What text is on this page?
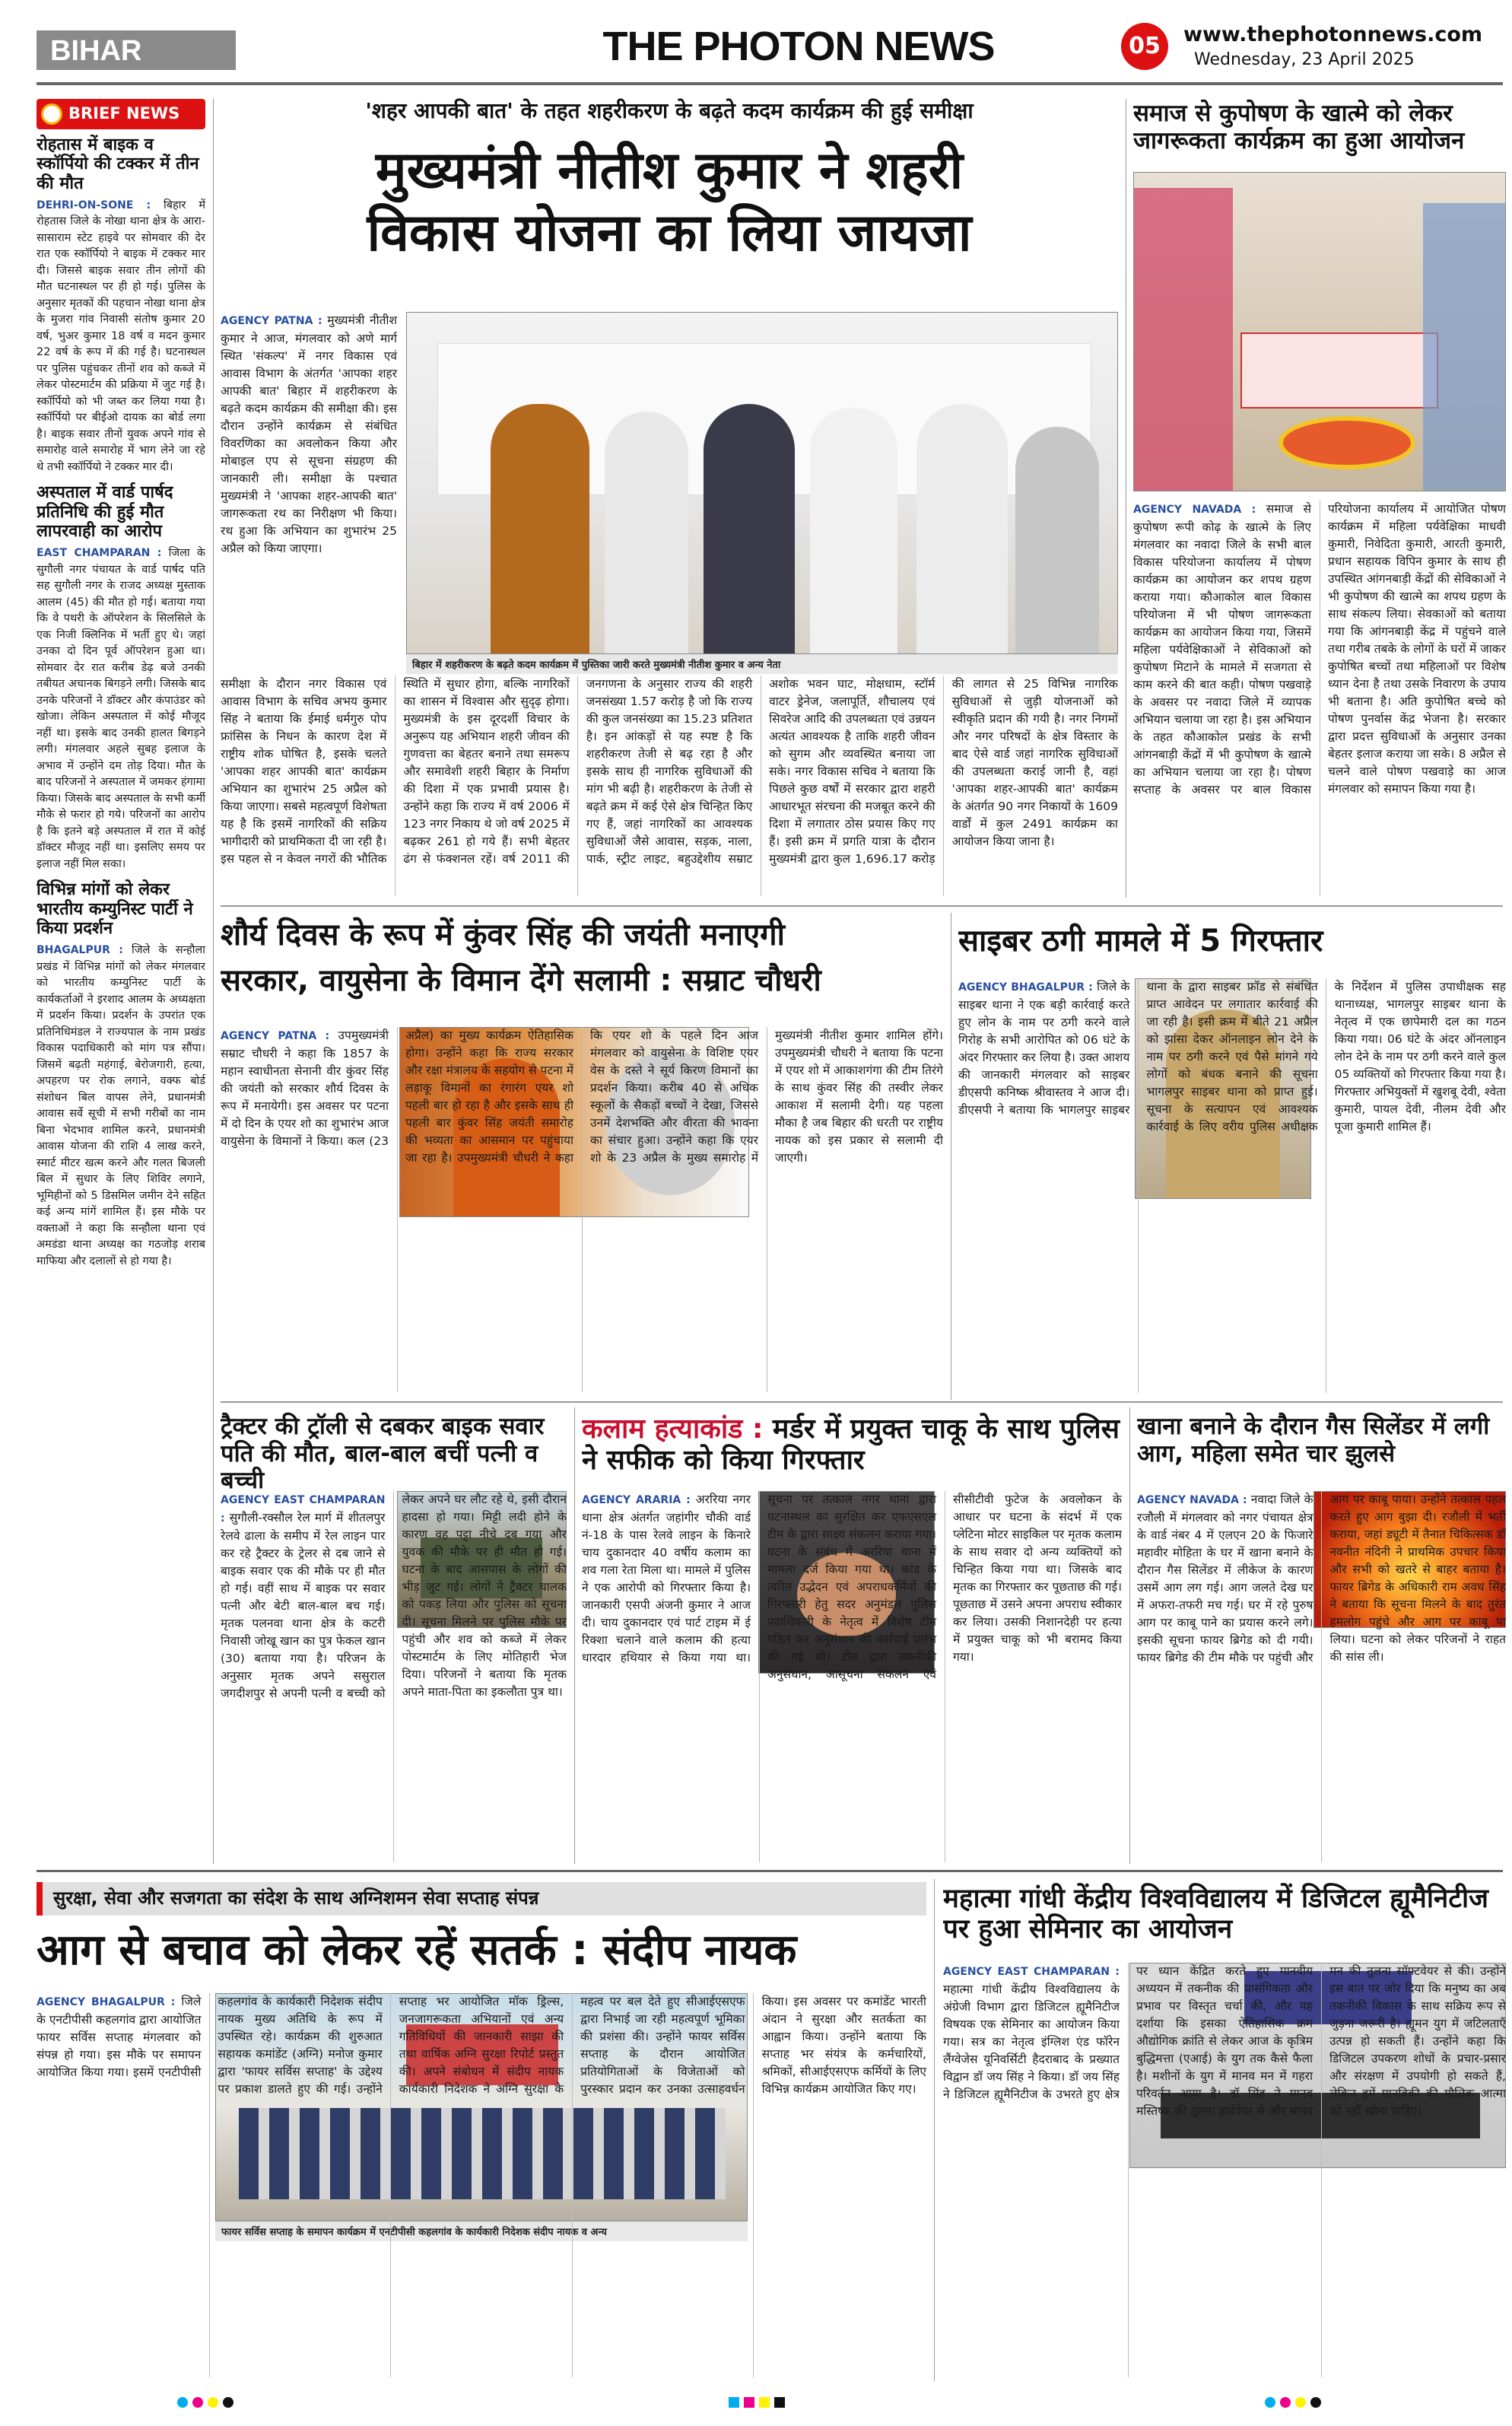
BIHAR	THE PHOTON NEWS	05	www.thephotonnews.com
Wednesday, 23 April 2025
BRIEF NEWS
रोहतास में बाइक व स्कॉर्पियो की टक्कर में तीन की मौत
DEHRI-ON-SONE : बिहार में रोहतास जिले के नोखा थाना क्षेत्र के आरा-सासाराम स्टेट हाइवे पर सोमवार की देर रात एक स्कॉर्पियो ने बाइक में टक्कर मार दी। जिससे बाइक सवार तीन लोगों की मौत घटनास्थल पर ही हो गई। पुलिस के अनुसार मृतकों की पहचान नोखा थाना क्षेत्र के मुजरा गांव निवासी संतोष कुमार 20 वर्ष, भुअर कुमार 18 वर्ष व मदन कुमार 22 वर्ष के रूप में की गई है। घटनास्थल पर पुलिस पहुंचकर तीनों शव को कब्जे में लेकर पोस्टमार्टम की प्रक्रिया में जुट गई है। स्कॉर्पियो को भी जब्त कर लिया गया है। स्कॉर्पियो पर बीईओ दायक का बोर्ड लगा है। बाइक सवार तीनों युवक अपने गांव से समारोह वाले समारोह में भाग लेने जा रहे थे तभी स्कॉर्पियो ने टक्कर मार दी।
अस्पताल में वार्ड पार्षद प्रतिनिधि की हुई मौत लापरवाही का आरोप
EAST CHAMPARAN : जिला के सुगौली नगर पंचायत के वार्ड पार्षद पति सह सुगौली नगर के राजद अध्यक्ष मुस्ताक आलम (45) की मौत हो गई। बताया गया कि वे पथरी के ऑपरेशन के सिलसिले के एक निजी क्लिनिक में भर्ती हुए थे। जहां उनका दो दिन पूर्व ऑपरेशन हुआ था। सोमवार देर रात करीब डेढ़ बजे उनकी तबीयत अचानक बिगड़ने लगी। जिसके बाद उनके परिजनों ने डॉक्टर और कंपाउंडर को खोजा। लेकिन अस्पताल में कोई मौजूद नहीं था। इसके बाद उनकी हालत बिगड़ने लगी। मंगलवार अहले सुबह इलाज के अभाव में उन्होंने दम तोड़ दिया। मौत के बाद परिजनों ने अस्पताल में जमकर हंगामा किया। जिसके बाद अस्पताल के सभी कर्मी मौके से फरार हो गये। परिजनों का आरोप है कि इतने बड़े अस्पताल में रात में कोई डॉक्टर मौजूद नहीं था। इसलिए समय पर इलाज नहीं मिल सका।
विभिन्न मांगों को लेकर भारतीय कम्युनिस्ट पार्टी ने किया प्रदर्शन
BHAGALPUR : जिले के सन्हौला प्रखंड में विभिन्न मांगों को लेकर मंगलवार को भारतीय कम्युनिस्ट पार्टी के कार्यकर्ताओं ने इरशाद आलम के अध्यक्षता में प्रदर्शन किया। प्रदर्शन के उपरांत एक प्रतिनिधिमंडल ने राज्यपाल के नाम प्रखंड विकास पदाधिकारी को मांग पत्र सौंपा। जिसमें बढ़ती महंगाई, बेरोजगारी, हत्या, अपहरण पर रोक लगाने, वक्फ बोर्ड संशोधन बिल वापस लेने, प्रधानमंत्री आवास सर्वे सूची में सभी गरीबों का नाम बिना भेदभाव शामिल करने, प्रधानमंत्री आवास योजना की राशि 4 लाख करने, स्मार्ट मीटर खत्म करने और गलत बिजली बिल में सुधार के लिए शिविर लगाने, भूमिहीनों को 5 डिसमिल जमीन देने सहित कई अन्य मांगें शामिल हैं। इस मौके पर वक्ताओं ने कहा कि सन्हौला थाना एवं अमडंडा थाना अध्यक्ष का गठजोड़ शराब माफिया और दलालों से हो गया है।
'शहर आपकी बात' के तहत शहरीकरण के बढ़ते कदम कार्यक्रम की हुई समीक्षा
मुख्यमंत्री नीतीश कुमार ने शहरी
विकास योजना का लिया जायजा
AGENCY PATNA : मुख्यमंत्री नीतीश कुमार ने आज, मंगलवार को अणे मार्ग स्थित 'संकल्प' में नगर विकास एवं आवास विभाग के अंतर्गत 'आपका शहर आपकी बात' बिहार में शहरीकरण के बढ़ते कदम कार्यक्रम की समीक्षा की। इस दौरान उन्होंने कार्यक्रम से संबंधित विवरणिका का अवलोकन किया और मोबाइल एप से सूचना संग्रहण की जानकारी ली। समीक्षा के पश्चात मुख्यमंत्री ने 'आपका शहर-आपकी बात' जागरूकता रथ का निरीक्षण भी किया। रथ हुआ कि अभियान का शुभारंभ 25 अप्रैल को किया जाएगा।
बिहार में शहरीकरण के बढ़ते कदम कार्यक्रम में पुस्तिका जारी करते मुख्यमंत्री नीतीश कुमार व अन्य नेता
समीक्षा के दौरान नगर विकास एवं आवास विभाग के सचिव अभय कुमार सिंह ने बताया कि ईमाई धर्मगुरु पोप फ्रांसिस के निधन के कारण देश में राष्ट्रीय शोक घोषित है, इसके चलते 'आपका शहर आपकी बात' कार्यक्रम अभियान का शुभारंभ 25 अप्रैल को किया जाएगा। सबसे महत्वपूर्ण विशेषता यह है कि इसमें नागरिकों की सक्रिय भागीदारी को प्राथमिकता दी जा रही है। इस पहल से न केवल नगरों की भौतिक स्थिति में सुधार होगा, बल्कि नागरिकों का शासन में विश्वास और सुदृढ़ होगा। मुख्यमंत्री के इस दूरदर्शी विचार के अनुरूप यह अभियान शहरी जीवन की गुणवत्ता का बेहतर बनाने तथा समरूप और समावेशी शहरी बिहार के निर्माण की दिशा में एक प्रभावी प्रयास है। उन्होंने कहा कि राज्य में वर्ष 2006 में 123 नगर निकाय थे जो वर्ष 2025 में बढ़कर 261 हो गये हैं। सभी बेहतर ढंग से फंक्शनल रहें। वर्ष 2011 की जनगणना के अनुसार राज्य की शहरी जनसंख्या 1.57 करोड़ है जो कि राज्य की कुल जनसंख्या का 15.23 प्रतिशत है। इन आंकड़ों से यह स्पष्ट है कि शहरीकरण तेजी से बढ़ रहा है और इसके साथ ही नागरिक सुविधाओं की मांग भी बढ़ी है। शहरीकरण के तेजी से बढ़ते क्रम में कई ऐसे क्षेत्र चिन्हित किए गए हैं, जहां नागरिकों का आवश्यक सुविधाओं जैसे आवास, सड़क, नाला, पार्क, स्ट्रीट लाइट, बहुउद्देशीय सम्राट अशोक भवन घाट, मोक्षधाम, स्टॉर्म वाटर ड्रेनेज, जलापूर्ति, शौचालय एवं सिवरेज आदि की उपलब्धता एवं उन्नयन अत्यंत आवश्यक है ताकि शहरी जीवन को सुगम और व्यवस्थित बनाया जा सके। नगर विकास सचिव ने बताया कि पिछले कुछ वर्षों में सरकार द्वारा शहरी आधारभूत संरचना की मजबूत करने की दिशा में लगातार ठोस प्रयास किए गए हैं। इसी क्रम में प्रगति यात्रा के दौरान मुख्यमंत्री द्वारा कुल 1,696.17 करोड़ की लागत से 25 विभिन्न नागरिक सुविधाओं से जुड़ी योजनाओं को स्वीकृति प्रदान की गयी है। नगर निगमों और नगर परिषदों के क्षेत्र विस्तार के बाद ऐसे वार्ड जहां नागरिक सुविधाओं की उपलब्धता कराई जानी है, वहां 'आपका शहर-आपकी बात' कार्यक्रम के अंतर्गत 90 नगर निकायों के 1609 वार्डों में कुल 2491 कार्यक्रम का आयोजन किया जाना है।
समाज से कुपोषण के खात्मे को लेकर जागरूकता कार्यक्रम का हुआ आयोजन
AGENCY NAVADA : समाज से कुपोषण रूपी कोढ़ के खात्मे के लिए मंगलवार का नवादा जिले के सभी बाल विकास परियोजना कार्यालय में पोषण कार्यक्रम का आयोजन कर शपथ ग्रहण कराया गया। कौआकोल बाल विकास परियोजना में भी पोषण जागरूकता कार्यक्रम का आयोजन किया गया, जिसमें महिला पर्यवेक्षिकाओं ने सेविकाओं को कुपोषण मिटाने के मामले में सजगता से काम करने की बात कही। पोषण पखवाड़े के अवसर पर नवादा जिले में व्यापक अभियान चलाया जा रहा है। इस अभियान के तहत कौआकोल प्रखंड के सभी आंगनबाड़ी केंद्रों में भी कुपोषण के खात्मे का अभियान चलाया जा रहा है। पोषण सप्ताह के अवसर पर बाल विकास परियोजना कार्यालय में आयोजित पोषण कार्यक्रम में महिला पर्यवेक्षिका माधवी कुमारी, निवेदिता कुमारी, आरती कुमारी, प्रधान सहायक विपिन कुमार के साथ ही उपस्थित आंगनबाड़ी केंद्रों की सेविकाओं ने भी कुपोषण की खात्मे का शपथ ग्रहण के साथ संकल्प लिया। सेवकाओं को बताया गया कि आंगनबाड़ी केंद्र में पहुंचने वाले तथा गरीब तबके के लोगों के घरों में जाकर कुपोषित बच्चों तथा महिलाओं पर विशेष ध्यान देना है तथा उसके निवारण के उपाय भी बताना है। अति कुपोषित बच्चे को पोषण पुनर्वास केंद्र भेजना है। सरकार द्वारा प्रदत्त सुविधाओं के अनुसार उनका बेहतर इलाज कराया जा सके। 8 अप्रैल से चलने वाले पोषण पखवाड़े का आज मंगलवार को समापन किया गया है।
शौर्य दिवस के रूप में कुंवर सिंह की जयंती मनाएगी
सरकार, वायुसेना के विमान देंगे सलामी : सम्राट चौधरी
AGENCY PATNA : उपमुख्यमंत्री सम्राट चौधरी ने कहा कि 1857 के महान स्वाधीनता सेनानी वीर कुंवर सिंह की जयंती को सरकार शौर्य दिवस के रूप में मनायेगी। इस अवसर पर पटना में दो दिन के एयर शो का शुभारंभ आज वायुसेना के विमानों ने किया। कल (23 अप्रैल) का मुख्य कार्यक्रम ऐतिहासिक होगा। उन्होंने कहा कि राज्य सरकार और रक्षा मंत्रालय के सहयोग से पटना में लड़ाकू विमानों का रंगारंग एयर शो पहली बार हो रहा है और इसके साथ ही पहली बार कुंवर सिंह जयंती समारोह की भव्यता का आसमान पर पहुंचाया जा रहा है। उपमुख्यमंत्री चौधरी ने कहा कि एयर शो के पहले दिन आज मंगलवार को वायुसेना के विशिष्ट एयर वेस के दस्ते ने सूर्य किरण विमानों का प्रदर्शन किया। करीब 40 से अधिक स्कूलों के सैकड़ों बच्चों ने देखा, जिससे उनमें देशभक्ति और वीरता की भावना का संचार हुआ। उन्होंने कहा कि एयर शो के 23 अप्रैल के मुख्य समारोह में मुख्यमंत्री नीतीश कुमार शामिल होंगे। उपमुख्यमंत्री चौधरी ने बताया कि पटना में एयर शो में आकाशगंगा की टीम तिरंगे के साथ कुंवर सिंह की तस्वीर लेकर आकाश में सलामी देगी। यह पहला मौका है जब बिहार की धरती पर राष्ट्रीय नायक को इस प्रकार से सलामी दी जाएगी।
साइबर ठगी मामले में 5 गिरफ्तार
AGENCY BHAGALPUR : जिले के साइबर थाना ने एक बड़ी कार्रवाई करते हुए लोन के नाम पर ठगी करने वाले गिरोह के सभी आरोपित को 06 घंटे के अंदर गिरफ्तार कर लिया है। उक्त आशय की जानकारी मंगलवार को साइबर डीएसपी कनिष्क श्रीवास्तव ने आज दी। डीएसपी ने बताया कि भागलपुर साइबर थाना के द्वारा साइबर फ्रॉड से संबंधित प्राप्त आवेदन पर लगातार कार्रवाई की जा रही है। इसी क्रम में बीते 21 अप्रैल को झांसा देकर ऑनलाइन लोन देने के नाम पर ठगी करने एवं पैसे मांगने गये लोगों को बंधक बनाने की सूचना भागलपुर साइबर थाना को प्राप्त हुई। सूचना के सत्यापन एवं आवश्यक कार्रवाई के लिए वरीय पुलिस अधीक्षक के निर्देशन में पुलिस उपाधीक्षक सह थानाध्यक्ष, भागलपुर साइबर थाना के नेतृत्व में एक छापेमारी दल का गठन किया गया। 06 घंटे के अंदर ऑनलाइन लोन देने के नाम पर ठगी करने वाले कुल 05 व्यक्तियों को गिरफ्तार किया गया है। गिरफ्तार अभियुक्तों में खुशबू देवी, श्वेता कुमारी, पायल देवी, नीलम देवी और पूजा कुमारी शामिल हैं।
ट्रैक्टर की ट्रॉली से दबकर बाइक सवार पति की मौत, बाल-बाल बचीं पत्नी व बच्ची
AGENCY EAST CHAMPARAN : सुगौली-रक्सौल रेल मार्ग में शीतलपुर रेलवे ढाला के समीप में रेल लाइन पार कर रहे ट्रैक्टर के ट्रेलर से दब जाने से बाइक सवार एक की मौके पर ही मौत हो गई। वहीं साथ में बाइक पर सवार पत्नी और बेटी बाल-बाल बच गई। मृतक पलनवा थाना क्षेत्र के कटरी निवासी जोखू खान का पुत्र फेकल खान (30) बताया गया है। परिजन के अनुसार मृतक अपने ससुराल जगदीशपुर से अपनी पत्नी व बच्ची को लेकर अपने घर लौट रहे थे, इसी दौरान हादसा हो गया। मिट्टी लदी होने के कारण वह पट्टा नीचे दब गया और युवक की मौके पर ही मौत हो गई। घटना के बाद आसपास के लोगों की भीड़ जुट गई। लोगों ने ट्रैक्टर चालक को पकड़ लिया और पुलिस को सूचना दी। सूचना मिलने पर पुलिस मौके पर पहुंची और शव को कब्जे में लेकर पोस्टमार्टम के लिए मोतिहारी भेज दिया। परिजनों ने बताया कि मृतक अपने माता-पिता का इकलौता पुत्र था।
कलाम हत्याकांड : मर्डर में प्रयुक्त चाकू के साथ पुलिस ने सफीक को किया गिरफ्तार
AGENCY ARARIA : अररिया नगर थाना क्षेत्र अंतर्गत जहांगीर चौकी वार्ड नं-18 के पास रेलवे लाइन के किनारे चाय दुकानदार 40 वर्षीय कलाम का शव गला रेता मिला था। मामले में पुलिस ने एक आरोपी को गिरफ्तार किया है। जानकारी एसपी अंजनी कुमार ने आज दी। चाय दुकानदार एवं पार्ट टाइम में ई रिक्शा चलाने वाले कलाम की हत्या धारदार हथियार से किया गया था। सूचना पर तत्काल नगर थाना द्वारा घटनास्थल का सुरक्षित कर एफएसएल टीम के द्वारा साक्ष्य संकलन कराया गया। घटना के संबंध में अररिया थाना में मामला दर्ज किया गया था। कांड के त्वरित उद्भेदन एवं अपराधकर्मियों की गिरफ्तारी हेतु सदर अनुमंडल पुलिस पदाधिकारी के नेतृत्व में विशेष टीम गठित कर अनुसंधान की कार्रवाई प्रारंभ की गई थी। टीम द्वारा तकनीकी अनुसंधान, आसूचना संकलन एवं सीसीटीवी फुटेज के अवलोकन के आधार पर घटना के संदर्भ में एक प्लेटिना मोटर साइकिल पर मृतक कलाम के साथ सवार दो अन्य व्यक्तियों को चिन्हित किया गया था। जिसके बाद मृतक का गिरफ्तार कर पूछताछ की गई। पूछताछ में उसने अपना अपराध स्वीकार कर लिया। उसकी निशानदेही पर हत्या में प्रयुक्त चाकू को भी बरामद किया गया।
खाना बनाने के दौरान गैस सिलेंडर में लगी आग, महिला समेत चार झुलसे
AGENCY NAVADA : नवादा जिले के रजौली में मंगलवार को नगर पंचायत क्षेत्र के वार्ड नंबर 4 में एलएन 20 के फिजारे महावीर मोहिता के घर में खाना बनाने के दौरान गैस सिलेंडर में लीकेज के कारण उसमें आग लग गई। आग जलते देख घर में अफरा-तफरी मच गई। घर में रहे पुरुष आग पर काबू पाने का प्रयास करने लगे। इसकी सूचना फायर ब्रिगेड को दी गयी। फायर ब्रिगेड की टीम मौके पर पहुंची और आग पर काबू पाया। उन्होंने तत्काल पहल करते हुए आग बुझा दी। रजौली में भर्ती कराया, जहां ड्यूटी में तैनात चिकित्सक डॉ नवनीत नंदिनी ने प्राथमिक उपचार किया और सभी को खतरे से बाहर बताया है। फायर ब्रिगेड के अधिकारी राम अवध सिंह ने बताया कि सूचना मिलने के बाद तुरंत हमलोग पहुंचे और आग पर काबू पा लिया। घटना को लेकर परिजनों ने राहत की सांस ली।
सुरक्षा, सेवा और सजगता का संदेश के साथ अग्निशमन सेवा सप्ताह संपन्न
आग से बचाव को लेकर रहें सतर्क : संदीप नायक
फायर सर्विस सप्ताह के समापन कार्यक्रम में एनटीपीसी कहलगांव के कार्यकारी निदेशक संदीप नायक व अन्य
AGENCY BHAGALPUR : जिले के एनटीपीसी कहलगांव द्वारा आयोजित फायर सर्विस सप्ताह मंगलवार को संपन्न हो गया। इस मौके पर समापन आयोजित किया गया। इसमें एनटीपीसी कहलगांव के कार्यकारी निदेशक संदीप नायक मुख्य अतिथि के रूप में उपस्थित रहे। कार्यक्रम की शुरुआत सहायक कमांडेंट (अग्नि) मनोज कुमार द्वारा 'फायर सर्विस सप्ताह' के उद्देश्य पर प्रकाश डालते हुए की गई। उन्होंने सप्ताह भर आयोजित मॉक ड्रिल्स, जनजागरूकता अभियानों एवं अन्य गतिविधियों की जानकारी साझा की तथा वार्षिक अग्नि सुरक्षा रिपोर्ट प्रस्तुत की। अपने संबोधन में संदीप नायक कार्यकारी निदेशक ने अग्नि सुरक्षा के महत्व पर बल देते हुए सीआईएसएफ द्वारा निभाई जा रही महत्वपूर्ण भूमिका की प्रशंसा की। उन्होंने फायर सर्विस सप्ताह के दौरान आयोजित प्रतियोगिताओं के विजेताओं को पुरस्कार प्रदान कर उनका उत्साहवर्धन किया। इस अवसर पर कमांडेंट भारती अंदान ने सुरक्षा और सतर्कता का आह्वान किया। उन्होंने बताया कि सप्ताह भर संयंत्र के कर्मचारियों, श्रमिकों, सीआईएसएफ कर्मियों के लिए विभिन्न कार्यक्रम आयोजित किए गए।
महात्मा गांधी केंद्रीय विश्वविद्यालय में डिजिटल ह्यूमैनिटीज पर हुआ सेमिनार का आयोजन
AGENCY EAST CHAMPARAN : महात्मा गांधी केंद्रीय विश्वविद्यालय के अंग्रेजी विभाग द्वारा डिजिटल ह्यूमैनिटीज विषयक एक सेमिनार का आयोजन किया गया। सत्र का नेतृत्व इंग्लिश एंड फॉरेन लैंग्वेजेस यूनिवर्सिटी हैदराबाद के प्रख्यात विद्वान डॉ जय सिंह ने किया। डॉ जय सिंह ने डिजिटल ह्यूमैनिटीज के उभरते हुए क्षेत्र पर ध्यान केंद्रित करते हुए मानवीय अध्ययन में तकनीक की प्रासंगिकता और प्रभाव पर विस्तृत चर्चा की, और यह दर्शाया कि इसका ऐतिहासिक क्रम औद्योगिक क्रांति से लेकर आज के कृत्रिम बुद्धिमत्ता (एआई) के युग तक कैसे फैला है। मशीनों के युग में मानव मन में गहरा परिवर्तन आया है। डॉ सिंह ने मानव मस्तिष्क की तुलना हार्डवेयर से और मानव मन की तुलना सॉफ्टवेयर से की। उन्होंने इस बात पर जोर दिया कि मनुष्य का अब तकनीकी विकास के साथ सक्रिय रूप से जुड़ना जरूरी है। ह्यूमन युग में जटिलताएँ उत्पन्न हो सकती हैं। उन्होंने कहा कि डिजिटल उपकरण शोधों के प्रचार-प्रसार और संरक्षण में उपयोगी हो सकते हैं, लेकिन हमें मानविकी की मौलिक आत्मा को नहीं खोना चाहिए।
